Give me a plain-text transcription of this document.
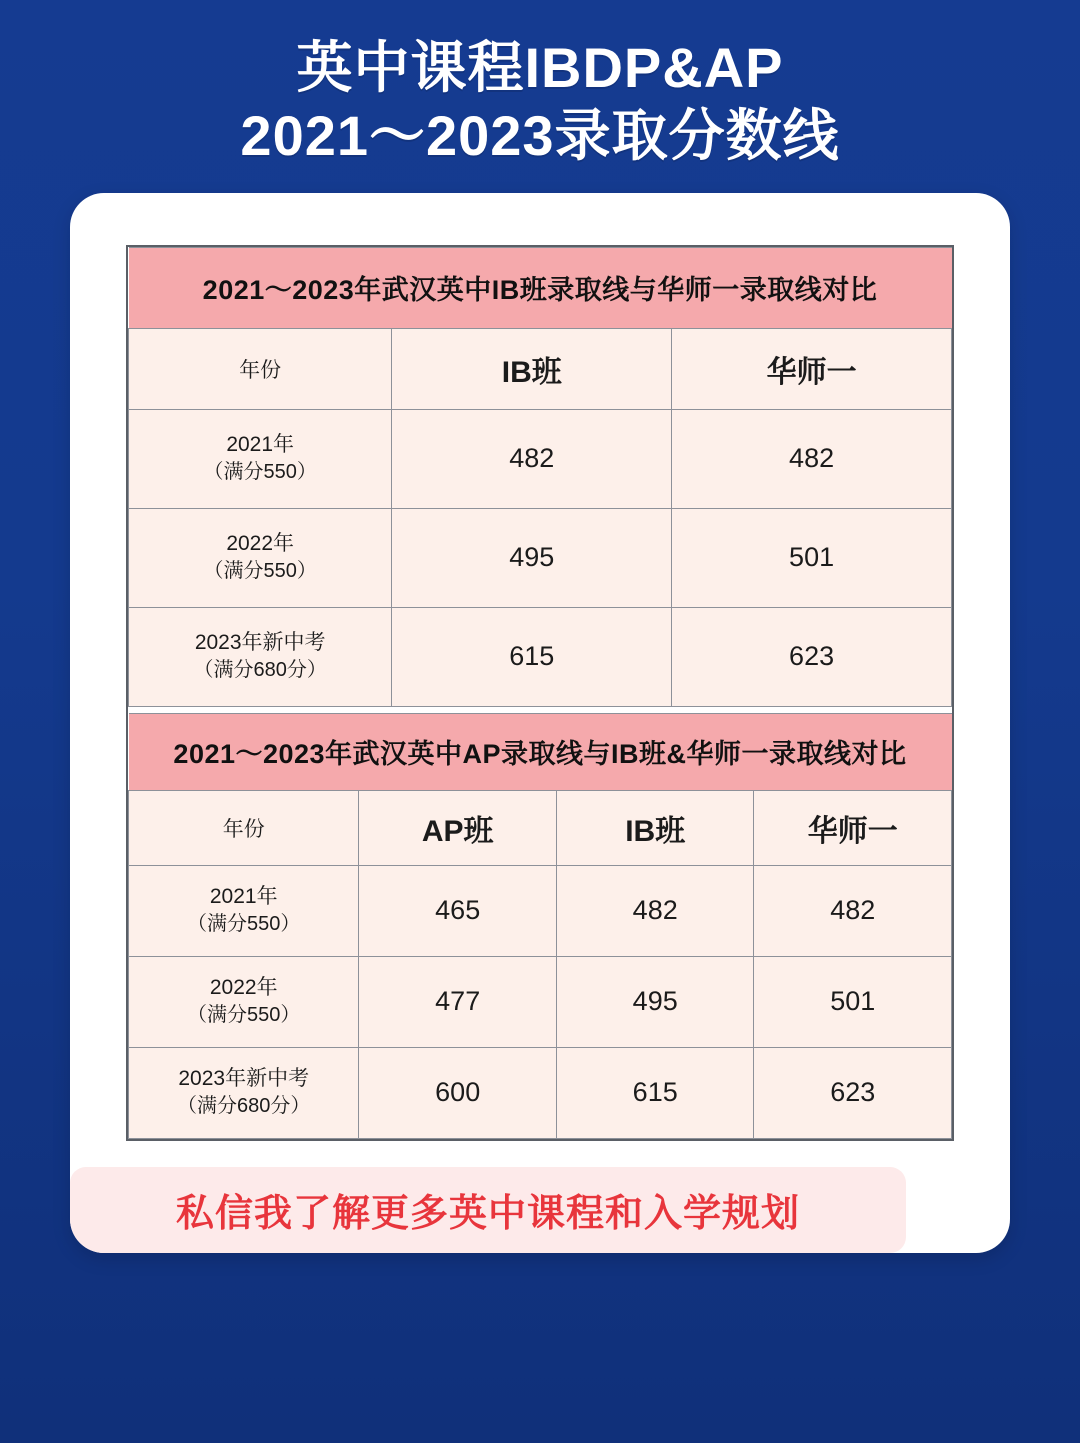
英中课程IBDP&AP
2021～2023录取分数线
2021～2023年武汉英中IB班录取线与华师一录取线对比		
年份	IB班	华师一
2021年
（满分550）	482	482
2022年
（满分550）	495	501
2023年新中考
（满分680分）	615	623
2021～2023年武汉英中AP录取线与IB班&华师一录取线对比			
年份	AP班	IB班	华师一
2021年
（满分550）	465	482	482
2022年
（满分550）	477	495	501
2023年新中考
（满分680分）	600	615	623
私信我了解更多英中课程和入学规划
